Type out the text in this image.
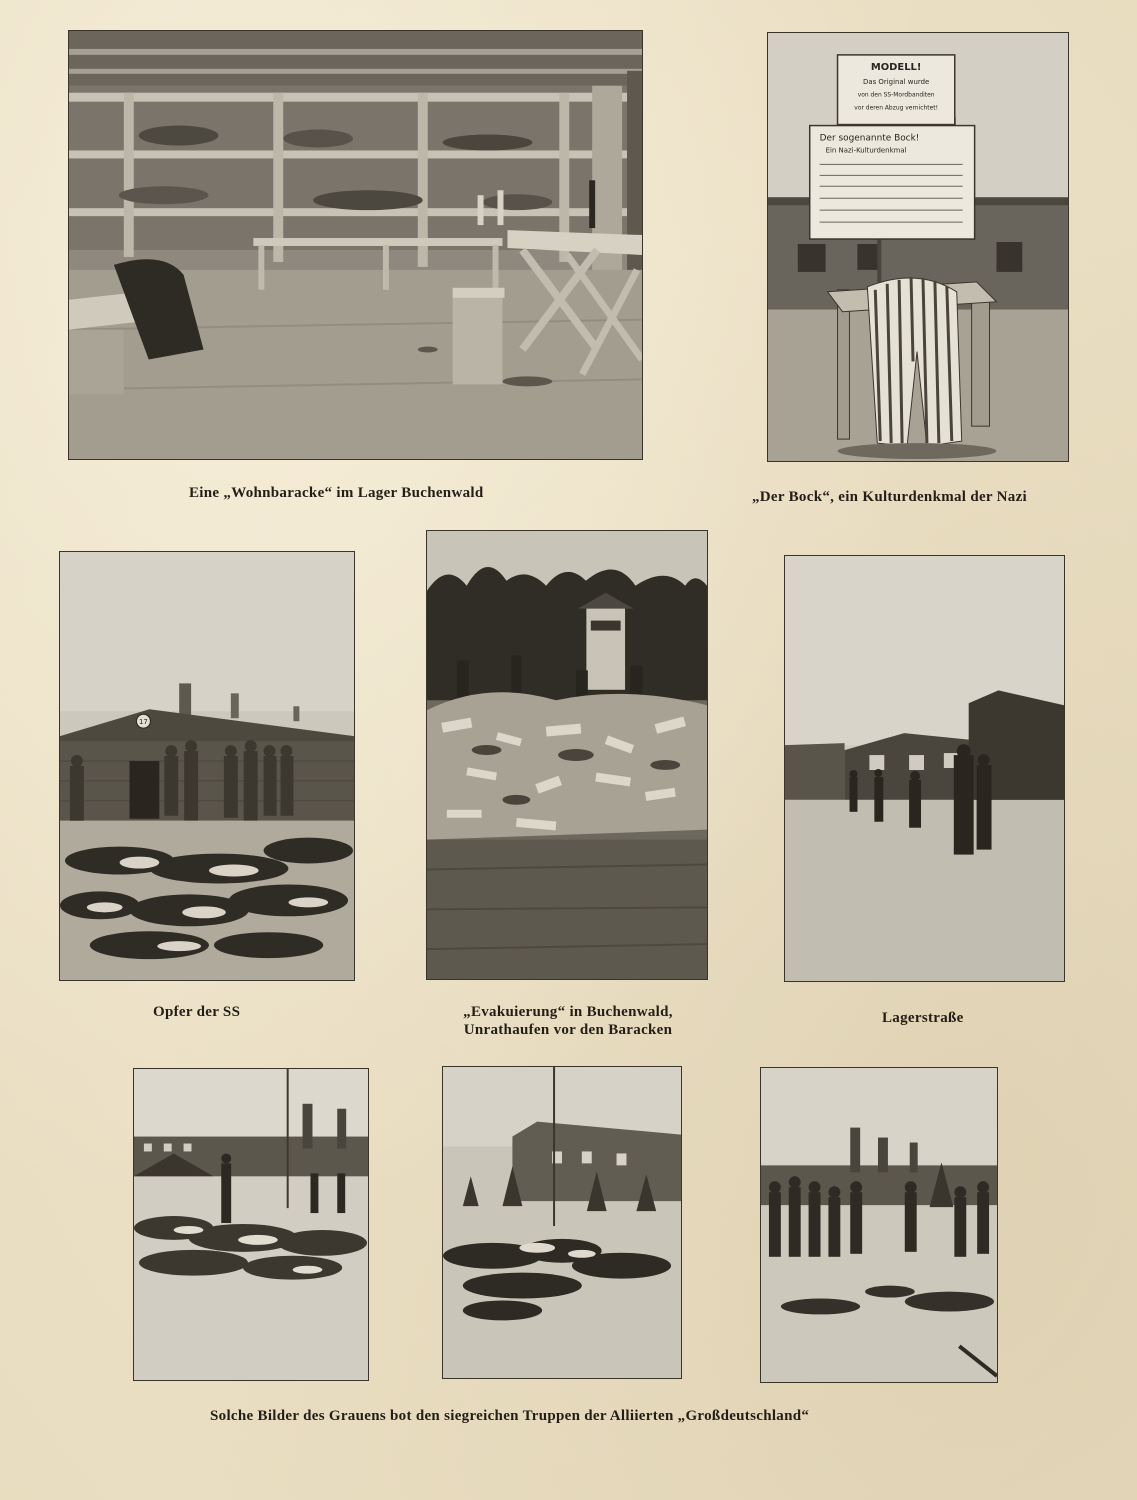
Eine „Wohnbaracke“ im Lager Buchenwald
MODELL!
Das Original wurde
von den SS-Mordbanditen
vor deren Abzug vernichtet!
Der sogenannte Bock!
Ein Nazi-Kulturdenkmal
„Der Bock“, ein Kulturdenkmal der Nazi
17
Opfer der SS	„Evakuierung“ in Buchenwald,
Unrathaufen vor den Baracken
Lagerstraße
Solche Bilder des Grauens bot den siegreichen Truppen der Alliierten „Großdeutschland“
